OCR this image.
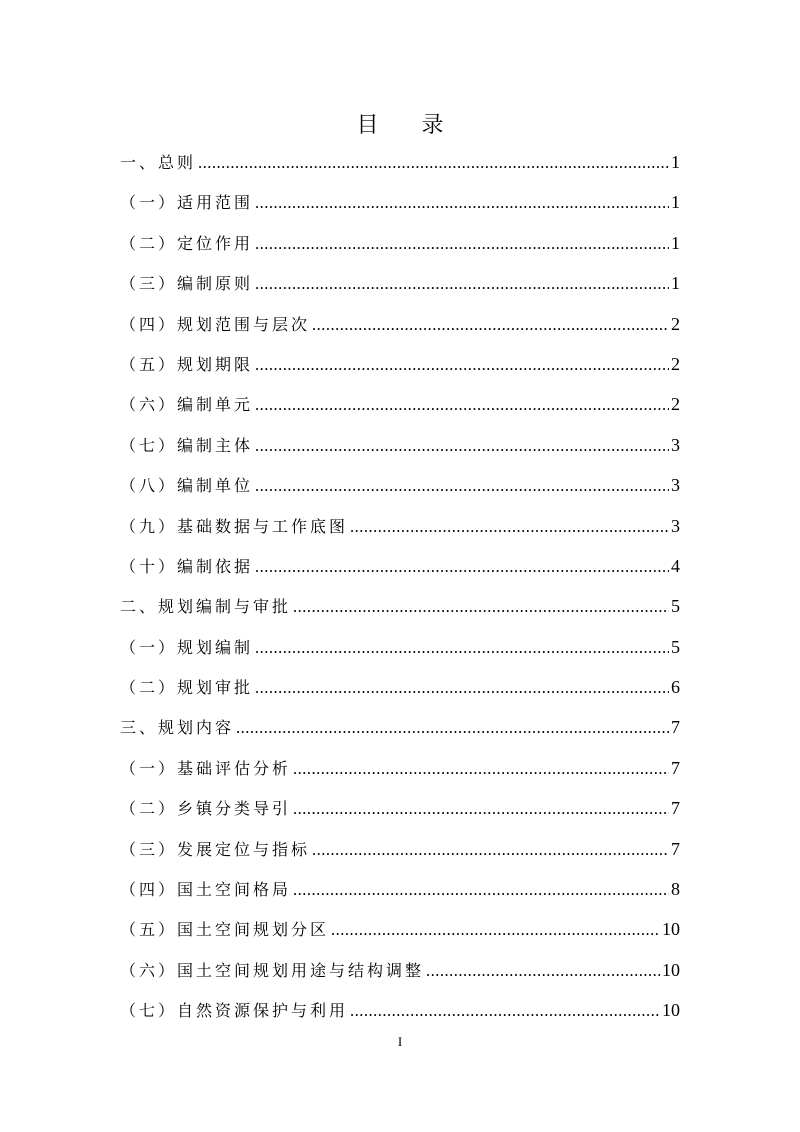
目 录
一、总则 .....	1
（一）适用范围 .....	1
（二）定位作用 .....	1
（三）编制原则 .....	1
（四）规划范围与层次 .....	2
（五）规划期限 .....	2
（六）编制单元 .....	2
（七）编制主体 .....	3
（八）编制单位 .....	3
（九）基础数据与工作底图 .....	3
（十）编制依据 .....	4
二、规划编制与审批 .....	5
（一）规划编制 .....	5
（二）规划审批 .....	6
三、规划内容 .....	7
（一）基础评估分析 .....	7
（二）乡镇分类导引 .....	7
（三）发展定位与指标 .....	7
（四）国土空间格局 .....	8
（五）国土空间规划分区 .....	10
（六）国土空间规划用途与结构调整 .....	10
（七）自然资源保护与利用 .....	10
I
